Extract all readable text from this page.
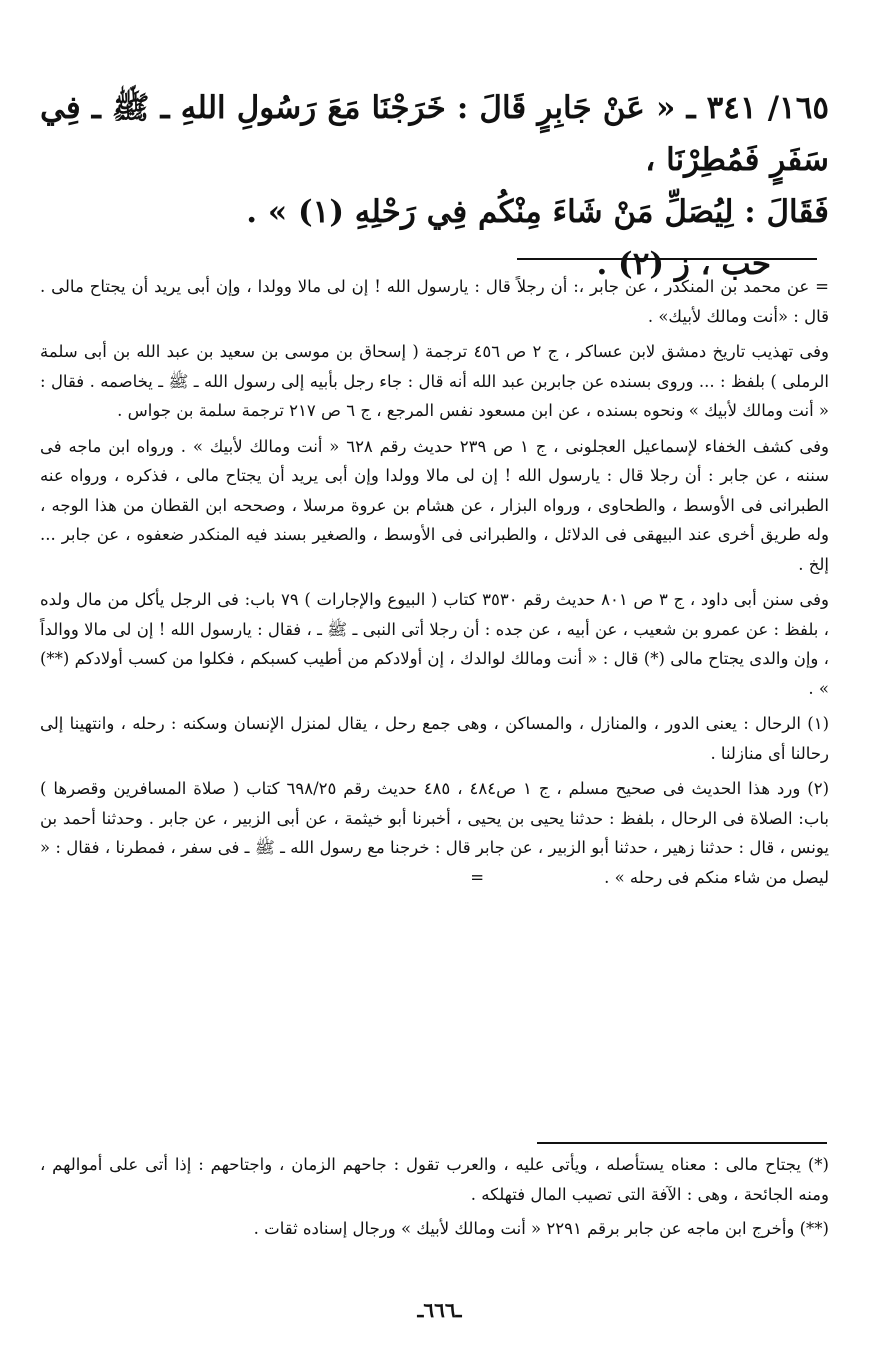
١٦٥/ ٣٤١ ـ « عَنْ جَابِرٍ قَالَ : خَرَجْنَا مَعَ رَسُولِ اللهِ ـ ﷺ ـ فِي سَفَرٍ فَمُطِرْنَا ،

فَقَالَ : لِيُصَلِّ مَنْ شَاءَ مِنْكُم فِي رَحْلِهِ (١) » .

حب ، ز (٢) .

= عن محمد بن المنكدر ، عن جابر ،: أن رجلاً قال : يارسول الله ! إن لى مالا وولدا ، وإن أبى يريد أن يجتاح مالى . قال : «أنت ومالك لأبيك» .

وفى تهذيب تاريخ دمشق لابن عساكر ، ج ٢ ص ٤٥٦ ترجمة ( إسحاق بن موسى بن سعيد بن عبد الله بن أبى سلمة الرملى ) بلفظ : ... وروى بسنده عن جابربن عبد الله أنه قال : جاء رجل بأبيه إلى رسول الله ـ ﷺ ـ يخاصمه . فقال : « أنت ومالك لأبيك » ونحوه بسنده ، عن ابن مسعود نفس المرجع ، ج ٦ ص ٢١٧ ترجمة سلمة بن جواس .

وفى كشف الخفاء لإسماعيل العجلونى ، ج ١ ص ٢٣٩ حديث رقم ٦٢٨ « أنت ومالك لأبيك » . ورواه ابن ماجه فى سننه ، عن جابر : أن رجلا قال : يارسول الله ! إن لى مالا وولدا وإن أبى يريد أن يجتاح مالى ، فذكره ، ورواه عنه الطبرانى فى الأوسط ، والطحاوى ، ورواه البزار ، عن هشام بن عروة مرسلا ، وصححه ابن القطان من هذا الوجه ، وله طريق أخرى عند البيهقى فى الدلائل ، والطبرانى فى الأوسط ، والصغير بسند فيه المنكدر ضعفوه ، عن جابر ... إلخ .

وفى سنن أبى داود ، ج ٣ ص ٨٠١ حديث رقم ٣٥٣٠ كتاب ( البيوع والإجارات ) ٧٩ باب: فى الرجل يأكل من مال ولده ، بلفظ : عن عمرو بن شعيب ، عن أبيه ، عن جده : أن رجلا أتى النبى ـ ﷺ ـ ، فقال : يارسول الله ! إن لى مالا ووالداً ، وإن والدى يجتاح مالى (*) قال : « أنت ومالك لوالدك ، إن أولادكم من أطيب كسبكم ، فكلوا من كسب أولادكم (**) » .

(١) الرحال : يعنى الدور ، والمنازل ، والمساكن ، وهى جمع رحل ، يقال لمنزل الإنسان وسكنه : رحله ، وانتهينا إلى رحالنا أى منازلنا .

(٢) ورد هذا الحديث فى صحيح مسلم ، ج ١ ص٤٨٤ ، ٤٨٥ حديث رقم ٦٩٨/٢٥ كتاب ( صلاة المسافرين وقصرها ) باب: الصلاة فى الرحال ، بلفظ : حدثنا يحيى بن يحيى ، أخبرنا أبو خيثمة ، عن أبى الزبير ، عن جابر . وحدثنا أحمد بن يونس ، قال : حدثنا زهير ، حدثنا أبو الزبير ، عن جابر قال : خرجنا مع رسول الله ـ ﷺ ـ فى سفر ، فمطرنا ، فقال : « ليصل من شاء منكم فى رحله » .=

(*) يجتاح مالى : معناه يستأصله ، ويأتى عليه ، والعرب تقول : جاحهم الزمان ، واجتاحهم : إذا أتى على أموالهم ، ومنه الجائحة ، وهى : الآفة التى تصيب المال فتهلكه .

(**) وأخرج ابن ماجه عن جابر برقم ٢٢٩١ « أنت ومالك لأبيك » ورجال إسناده ثقات .

ـ٦٦٦ـ
